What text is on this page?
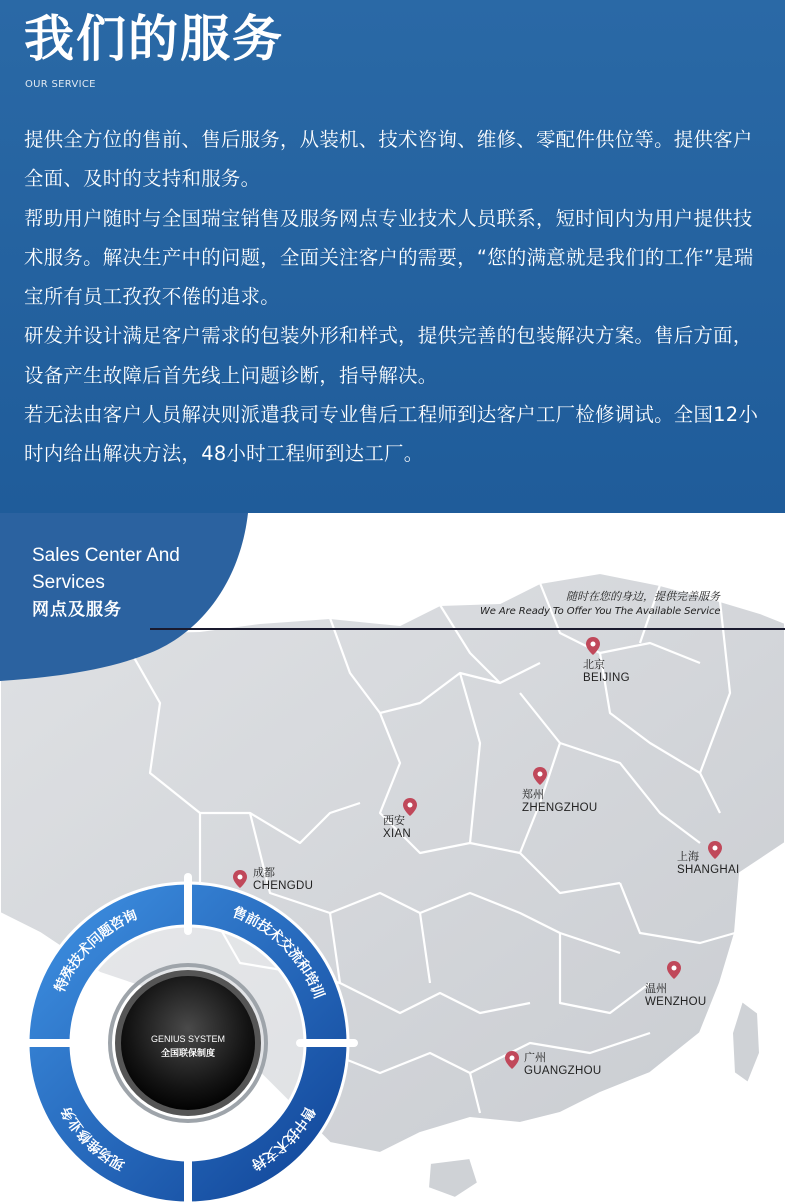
我们的服务
OUR SERVICE

提供全方位的售前、售后服务，从装机、技术咨询、维修、零配件供位等。提供客户全面、及时的支持和服务。

帮助用户随时与全国瑞宝销售及服务网点专业技术人员联系，短时间内为用户提供技术服务。解决生产中的问题，全面关注客户的需要，“您的满意就是我们的工作”是瑞宝所有员工孜孜不倦的追求。

研发并设计满足客户需求的包装外形和样式，提供完善的包装解决方案。售后方面，设备产生故障后首先线上问题诊断，指导解决。

若无法由客户人员解决则派遣我司专业售后工程师到达客户工厂检修调试。全国12小时内给出解决方法，48小时工程师到达工厂。

特殊技术问题咨询	售前技术交流和培训
售中技术支持
现场维修业务
Sales Center And
Services
网点及服务
随时在您的身边，提供完善服务
We Are Ready To Offer You The Available Service
北京
BEIJING
郑州
ZHENGZHOU
西安
XIAN
上海
SHANGHAI
成都
CHENGDU
温州
WENZHOU
广州
GUANGZHOU
GENIUS SYSTEM
全国联保制度
